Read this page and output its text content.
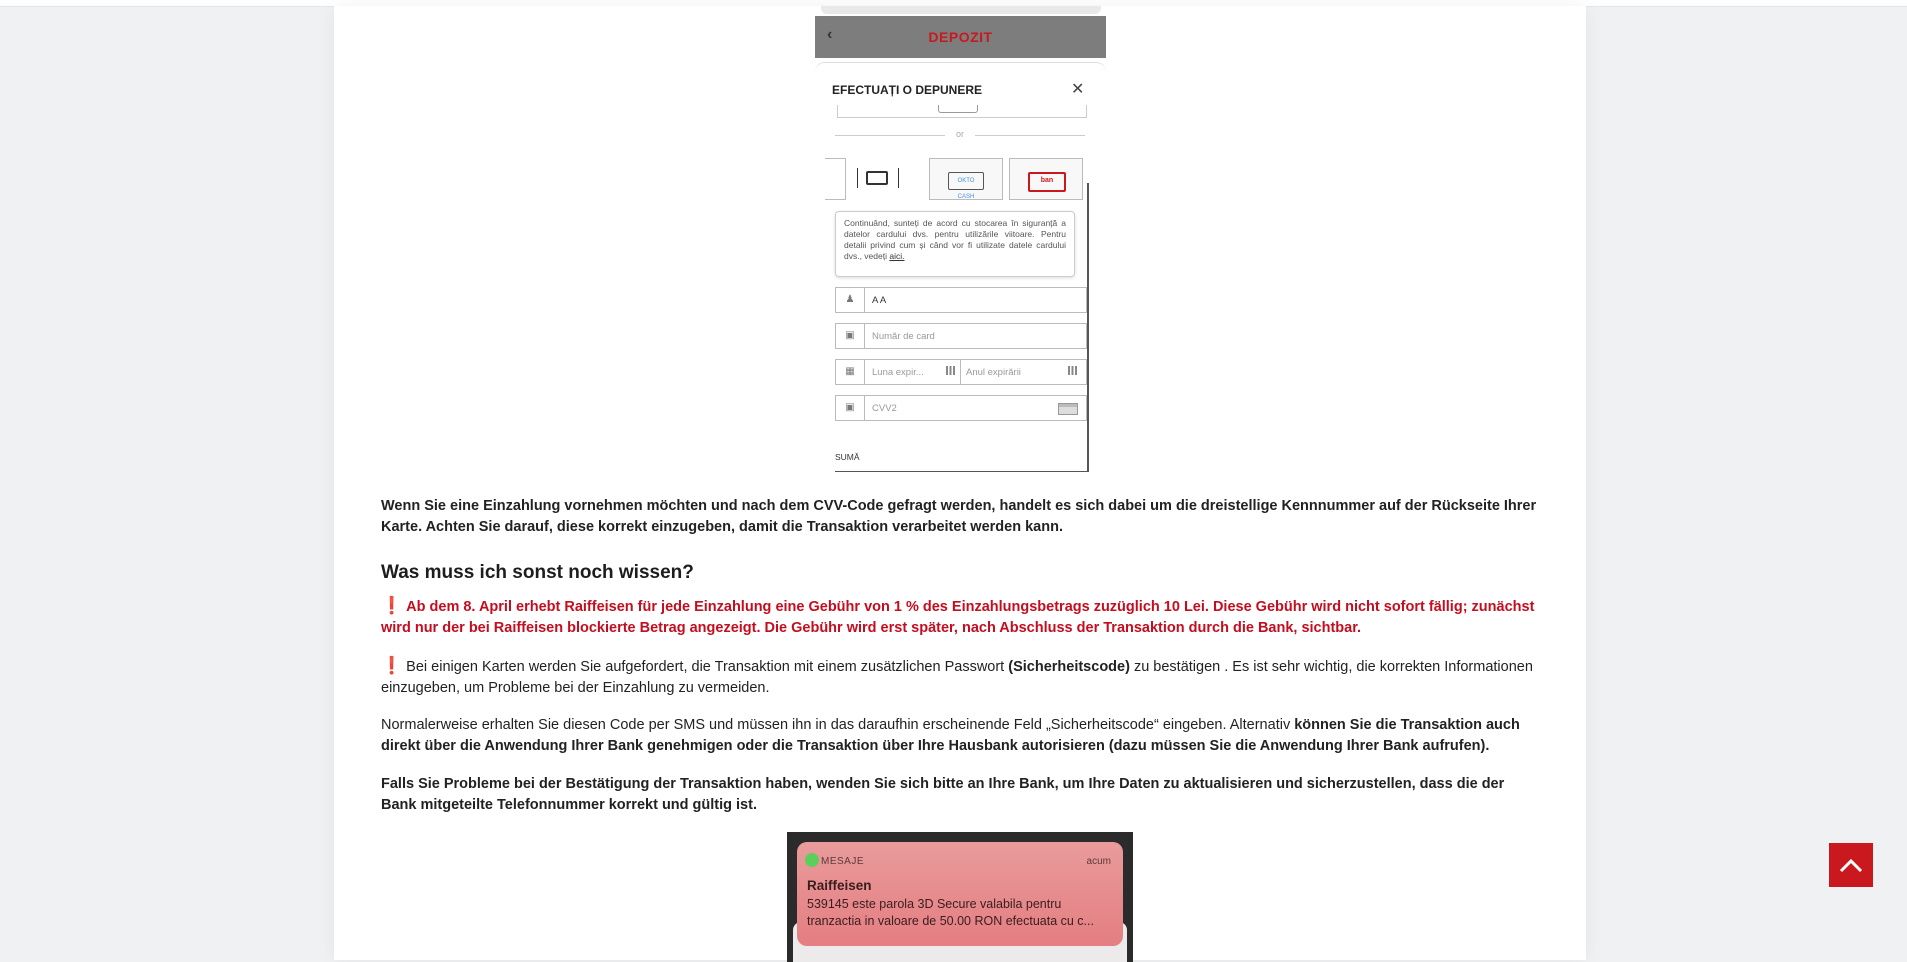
‹	DEPOZIT
EFECTUAȚI O DEPUNERE	✕
or
OKTO CASH
ban
Continuând, sunteți de acord cu stocarea în siguranță a datelor cardului dvs. pentru utilizările viitoare. Pentru detalii privind cum și când vor fi utilizate datele cardului dvs., vedeți aici.
♟	A A
▣	Număr de card
▦	Luna expir...	Anul expirării
▣	CVV2
SUMĂ
Wenn Sie eine Einzahlung vornehmen möchten und nach dem CVV-Code gefragt werden, handelt es sich dabei um die dreistellige Kennnummer auf der Rückseite Ihrer Karte. Achten Sie darauf, diese korrekt einzugeben, damit die Transaktion verarbeitet werden kann.
Was muss ich sonst noch wissen?
❗ Ab dem 8. April erhebt Raiffeisen für jede Einzahlung eine Gebühr von 1 % des Einzahlungsbetrags zuzüglich 10 Lei. Diese Gebühr wird nicht sofort fällig; zunächst wird nur der bei Raiffeisen blockierte Betrag angezeigt. Die Gebühr wird erst später, nach Abschluss der Transaktion durch die Bank, sichtbar.
❗ Bei einigen Karten werden Sie aufgefordert, die Transaktion mit einem zusätzlichen Passwort (Sicherheitscode) zu bestätigen . Es ist sehr wichtig, die korrekten Informationen einzugeben, um Probleme bei der Einzahlung zu vermeiden.
Normalerweise erhalten Sie diesen Code per SMS und müssen ihn in das daraufhin erscheinende Feld „Sicherheitscode“ eingeben. Alternativ können Sie die Transaktion auch direkt über die Anwendung Ihrer Bank genehmigen oder die Transaktion über Ihre Hausbank autorisieren (dazu müssen Sie die Anwendung Ihrer Bank aufrufen).
Falls Sie Probleme bei der Bestätigung der Transaktion haben, wenden Sie sich bitte an Ihre Bank, um Ihre Daten zu aktualisieren und sicherzustellen, dass die der Bank mitgeteilte Telefonnummer korrekt und gültig ist.
MESAJE	acum
Raiffeisen
539145 este parola 3D Secure valabila pentru tranzactia in valoare de 50.00 RON efectuata cu c...
